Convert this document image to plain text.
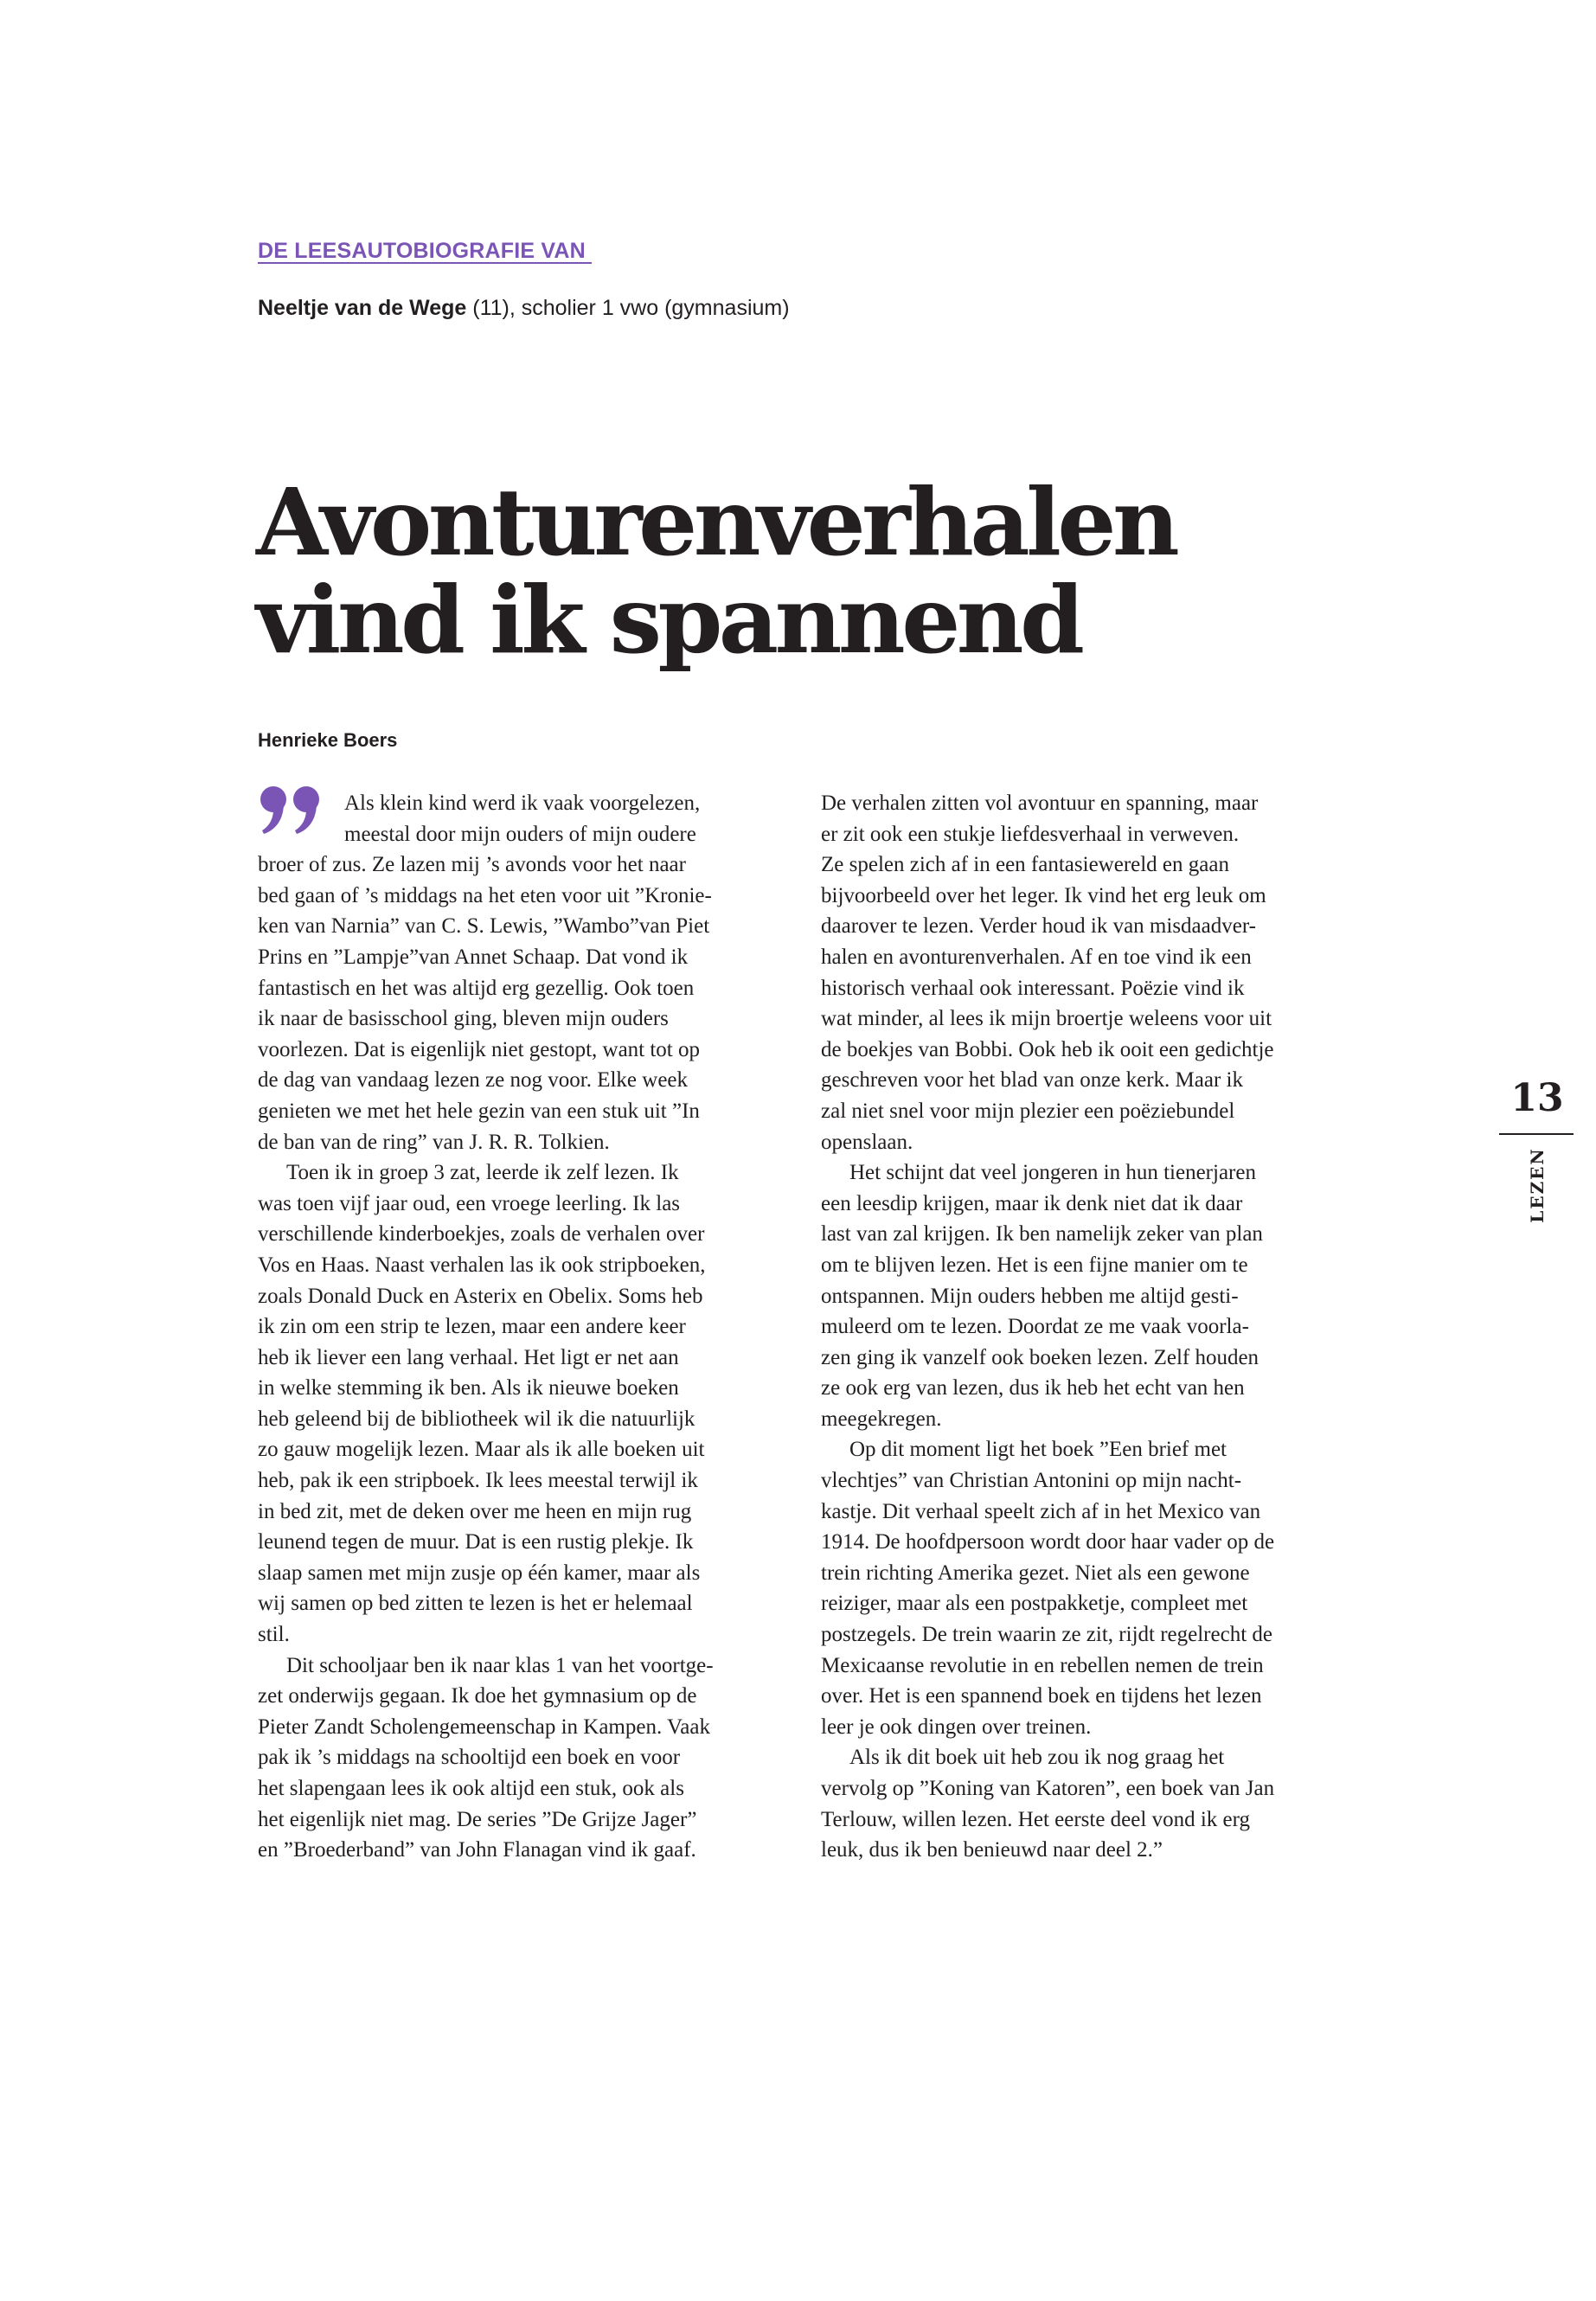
DE LEESAUTOBIOGRAFIE VAN
Neeltje van de Wege (11), scholier 1 vwo (gymnasium)
Avonturenverhalen
vind ik spannend
Henrieke Boers

Als klein kind werd ik vaak voorgelezen,
meestal door mijn ouders of mijn oudere
broer of zus. Ze lazen mij ’s avonds voor het naar
bed gaan of ’s middags na het eten voor uit ”Kronie-
ken van Narnia” van C. S. Lewis, ”Wambo”van Piet
Prins en ”Lampje”van Annet Schaap. Dat vond ik
fantastisch en het was altijd erg gezellig. Ook toen
ik naar de basisschool ging, bleven mijn ouders
voorlezen. Dat is eigenlijk niet gestopt, want tot op
de dag van vandaag lezen ze nog voor. Elke week
genieten we met het hele gezin van een stuk uit ”In
de ban van de ring” van J. R. R. Tolkien.

Toen ik in groep 3 zat, leerde ik zelf lezen. Ik
was toen vijf jaar oud, een vroege leerling. Ik las
verschillende kinderboekjes, zoals de verhalen over
Vos en Haas. Naast verhalen las ik ook stripboeken,
zoals Donald Duck en Asterix en Obelix. Soms heb
ik zin om een strip te lezen, maar een andere keer
heb ik liever een lang verhaal. Het ligt er net aan
in welke stemming ik ben. Als ik nieuwe boeken
heb geleend bij de bibliotheek wil ik die natuurlijk
zo gauw mogelijk lezen. Maar als ik alle boeken uit
heb, pak ik een stripboek. Ik lees meestal terwijl ik
in bed zit, met de deken over me heen en mijn rug
leunend tegen de muur. Dat is een rustig plekje. Ik
slaap samen met mijn zusje op één kamer, maar als
wij samen op bed zitten te lezen is het er helemaal
stil.

Dit schooljaar ben ik naar klas 1 van het voortge-
zet onderwijs gegaan. Ik doe het gymnasium op de
Pieter Zandt Scholengemeenschap in Kampen. Vaak
pak ik ’s middags na schooltijd een boek en voor
het slapengaan lees ik ook altijd een stuk, ook als
het eigenlijk niet mag. De series ”De Grijze Jager”
en ”Broederband” van John Flanagan vind ik gaaf.

De verhalen zitten vol avontuur en spanning, maar
er zit ook een stukje liefdesverhaal in verweven.
Ze spelen zich af in een fantasiewereld en gaan
bijvoorbeeld over het leger. Ik vind het erg leuk om
daarover te lezen. Verder houd ik van misdaadver-
halen en avonturenverhalen. Af en toe vind ik een
historisch verhaal ook interessant. Poëzie vind ik
wat minder, al lees ik mijn broertje weleens voor uit
de boekjes van Bobbi. Ook heb ik ooit een gedichtje
geschreven voor het blad van onze kerk. Maar ik
zal niet snel voor mijn plezier een poëziebundel
openslaan.

Het schijnt dat veel jongeren in hun tienerjaren
een leesdip krijgen, maar ik denk niet dat ik daar
last van zal krijgen. Ik ben namelijk zeker van plan
om te blijven lezen. Het is een fijne manier om te
ontspannen. Mijn ouders hebben me altijd gesti-
muleerd om te lezen. Doordat ze me vaak voorla-
zen ging ik vanzelf ook boeken lezen. Zelf houden
ze ook erg van lezen, dus ik heb het echt van hen
meegekregen.

Op dit moment ligt het boek ”Een brief met
vlechtjes” van Christian Antonini op mijn nacht-
kastje. Dit verhaal speelt zich af in het Mexico van
1914. De hoofdpersoon wordt door haar vader op de
trein richting Amerika gezet. Niet als een gewone
reiziger, maar als een postpakketje, compleet met
postzegels. De trein waarin ze zit, rijdt regelrecht de
Mexicaanse revolutie in en rebellen nemen de trein
over. Het is een spannend boek en tijdens het lezen
leer je ook dingen over treinen.

Als ik dit boek uit heb zou ik nog graag het
vervolg op ”Koning van Katoren”, een boek van Jan
Terlouw, willen lezen. Het eerste deel vond ik erg
leuk, dus ik ben benieuwd naar deel 2.”

13
LEZEN
